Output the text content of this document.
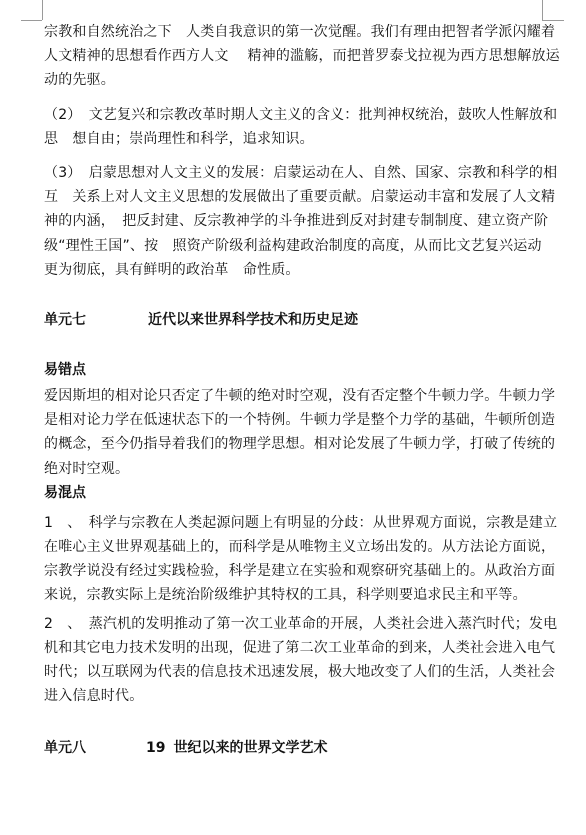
宗教和自然统治之下　人类自我意识的第一次觉醒。我们有理由把智者学派闪耀着
人文精神的思想看作西方人文　 精神的滥觞，而把普罗泰戈拉视为西方思想解放运
动的先驱。
（2）　文艺复兴和宗教改革时期人文主义的含义：批判神权统治，鼓吹人性解放和
思　想自由；崇尚理性和科学，追求知识。
（3）　启蒙思想对人文主义的发展：启蒙运动在人、自然、国家、宗教和科学的相
互　关系上对人文主义思想的发展做出了重要贡献。启蒙运动丰富和发展了人文精
神的内涵，　把反封建、反宗教神学的斗争推进到反对封建专制制度、建立资产阶
级“理性王国”、按　照资产阶级利益构建政治制度的高度，从而比文艺复兴运动
更为彻底，具有鲜明的政治革　命性质。
单元七	近代以来世界科学技术和历史足迹
易错点
爱因斯坦的相对论只否定了牛顿的绝对时空观，没有否定整个牛顿力学。牛顿力学
是相对论力学在低速状态下的一个特例。牛顿力学是整个力学的基础，牛顿所创造
的概念，至今仍指导着我们的物理学思想。相对论发展了牛顿力学，打破了传统的
绝对时空观。
易混点
1　、　科学与宗教在人类起源问题上有明显的分歧：从世界观方面说，宗教是建立
在唯心主义世界观基础上的，而科学是从唯物主义立场出发的。从方法论方面说，
宗教学说没有经过实践检验，科学是建立在实验和观察研究基础上的。从政治方面
来说，宗教实际上是统治阶级维护其特权的工具，科学则要追求民主和平等。
2　、　蒸汽机的发明推动了第一次工业革命的开展，人类社会进入蒸汽时代；发电
机和其它电力技术发明的出现，促进了第二次工业革命的到来，人类社会进入电气
时代；以互联网为代表的信息技术迅速发展，极大地改变了人们的生活，人类社会
进入信息时代。
单元八	19 世纪以来的世界文学艺术
